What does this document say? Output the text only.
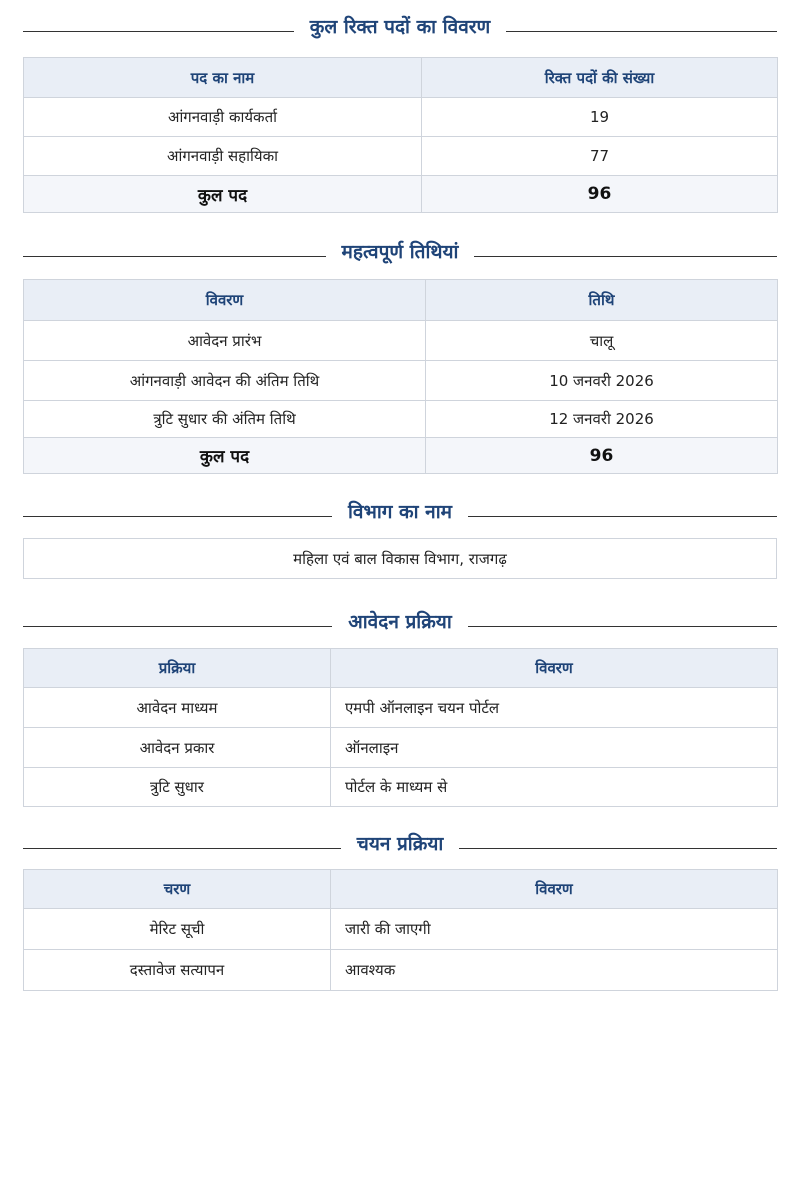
कुल रिक्त पदों का विवरण
पद का नाम	रिक्त पदों की संख्या
आंगनवाड़ी कार्यकर्ता	19
आंगनवाड़ी सहायिका	77
कुल पद	96
महत्वपूर्ण तिथियां
विवरण	तिथि
आवेदन प्रारंभ	चालू
आंगनवाड़ी आवेदन की अंतिम तिथि	10 जनवरी 2026
त्रुटि सुधार की अंतिम तिथि	12 जनवरी 2026
कुल पद	96
विभाग का नाम
महिला एवं बाल विकास विभाग, राजगढ़
आवेदन प्रक्रिया
प्रक्रिया	विवरण
आवेदन माध्यम	एमपी ऑनलाइन चयन पोर्टल
आवेदन प्रकार	ऑनलाइन
त्रुटि सुधार	पोर्टल के माध्यम से
चयन प्रक्रिया
चरण	विवरण
मेरिट सूची	जारी की जाएगी
दस्तावेज सत्यापन	आवश्यक
